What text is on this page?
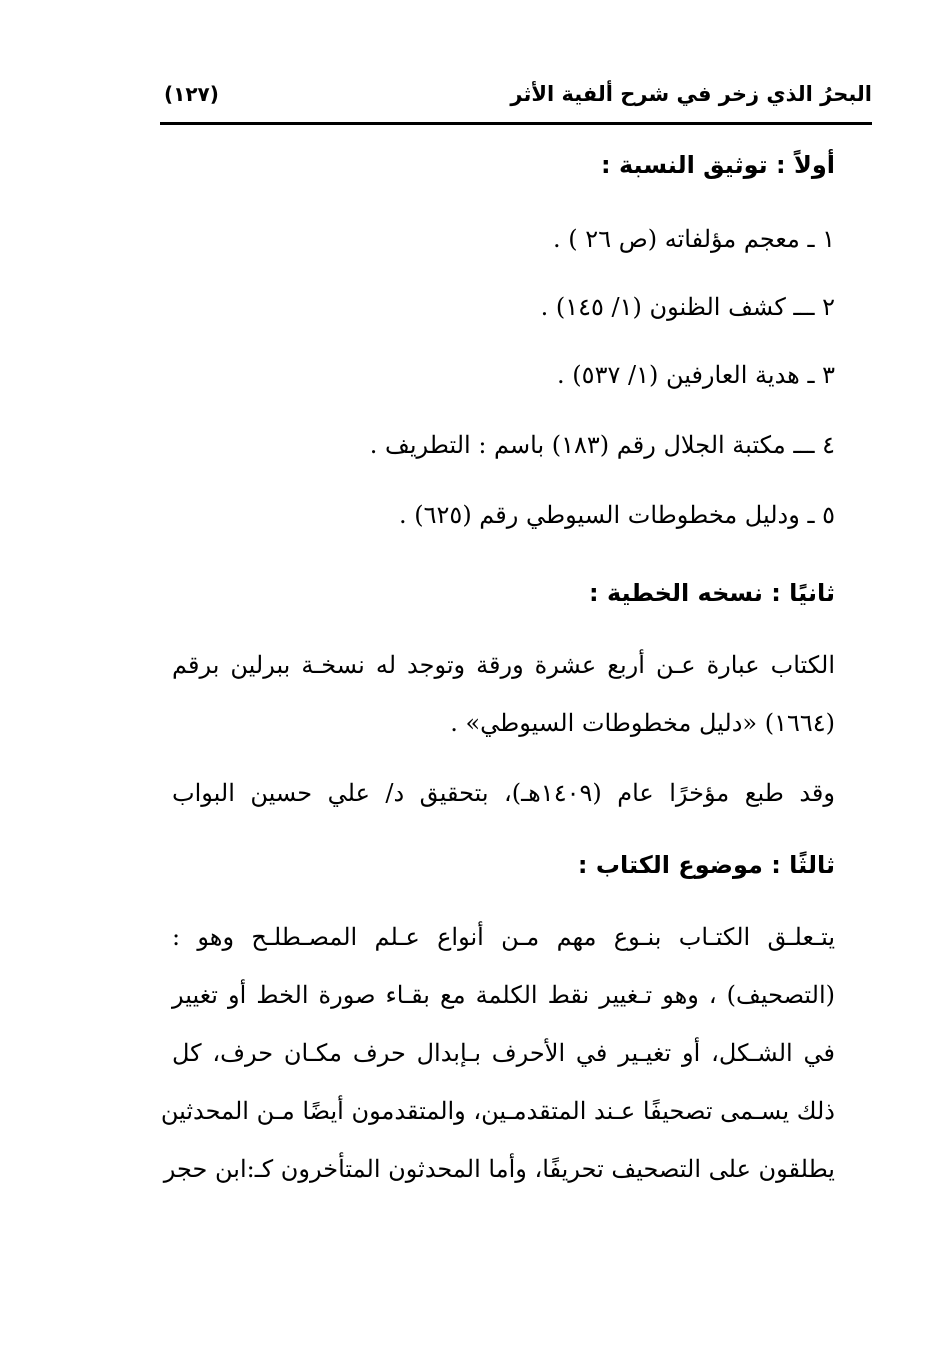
البحرُ الذي زخر في شرح ألفية الأثر
(١٢٧)
أولاً : توثيق النسبة :
١ ـ معجم مؤلفاته (ص ٢٦ ) .
٢ ـــ كشف الظنون (١/ ١٤٥) .
٣ ـ هدية العارفين (١/ ٥٣٧) .
٤ ـــ مكتبة الجلال رقم (١٨٣) باسم : التطريف .
٥ ـ ودليل مخطوطات السيوطي رقم (٦٢٥) .
ثانيًا : نسخه الخطية :
الكتاب عبارة عـن أربع عشرة ورقة وتوجد له نسخـة ببرلين برقم
(١٦٦٤) «دليل مخطوطات السيوطي» .
وقد طبع مؤخرًا عام (١٤٠٩هـ)، بتحقيق د/ علي حسين البواب
ثالثًا : موضوع الكتاب :
يتـعلـق الكتـاب بنـوع مهم مـن أنواع عـلم المصـطلـح وهو :
(التصحيف) ، وهو تـغيير نقط الكلمة مع بقـاء صورة الخط أو تغيير
في الشـكل، أو تغيـير في الأحرف بـإبدال حرف مكـان حرف، كل
ذلك يسـمى تصحيفًا عـند المتقدمـين، والمتقدمون أيضًا مـن المحدثين
يطلقون على التصحيف تحريفًا، وأما المحدثون المتأخرون كـ:ابن حجر
